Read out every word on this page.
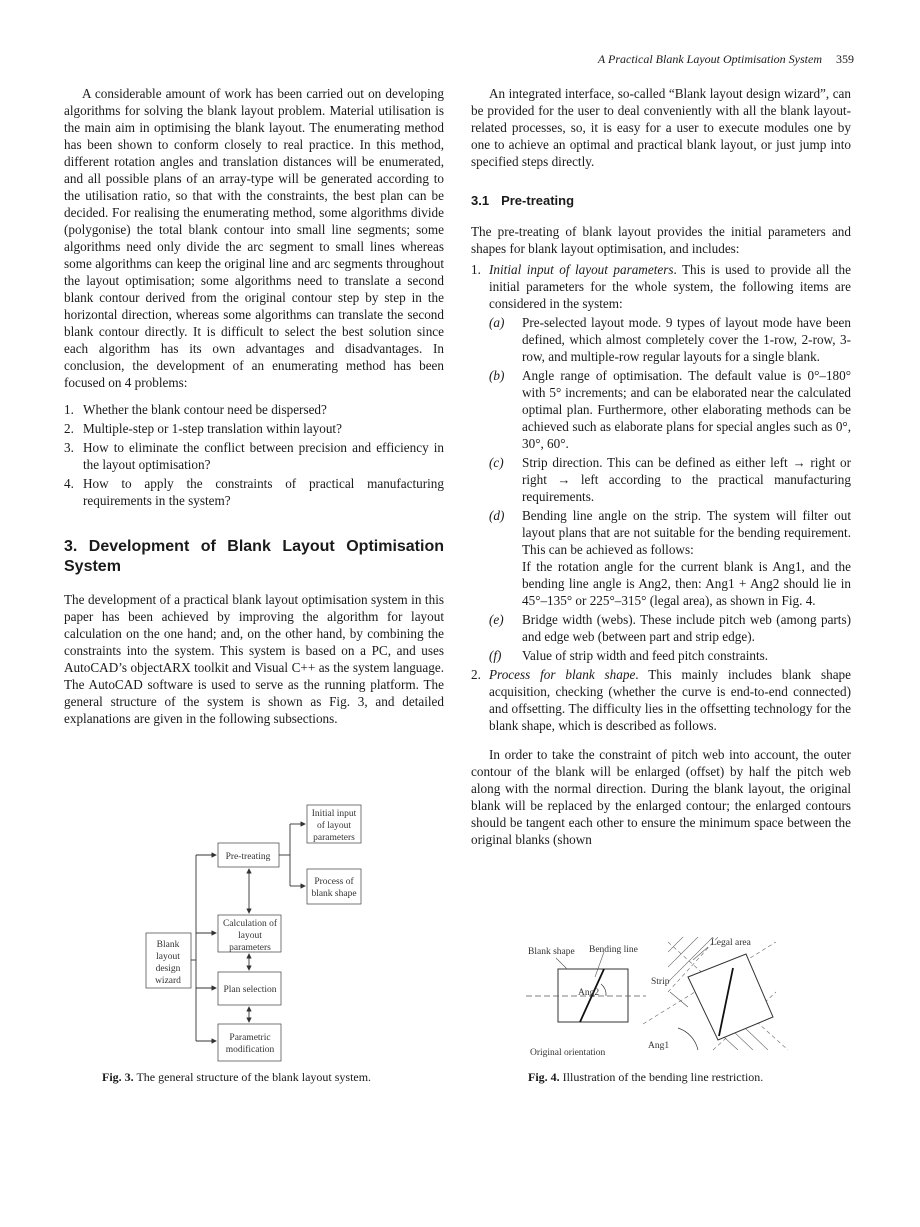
A Practical Blank Layout Optimisation System 359

A considerable amount of work has been carried out on developing algorithms for solving the blank layout problem. Material utilisation is the main aim in optimising the blank layout. The enumerating method has been shown to conform closely to real practice. In this method, different rotation angles and translation distances will be enumerated, and all possible plans of an array-type will be generated according to the utilisation ratio, so that with the constraints, the best plan can be decided. For realising the enumerating method, some algorithms divide (polygonise) the total blank contour into small line segments; some algorithms need only divide the arc segment to small lines whereas some algorithms can keep the original line and arc segments throughout the layout optimisation; some algorithms need to translate a second blank contour derived from the original contour step by step in the horizontal direction, whereas some algorithms can translate the second blank contour directly. It is difficult to select the best solution since each algorithm has its own advantages and disadvantages. In conclusion, the development of an enumerating method has been focused on 4 problems:

1. Whether the blank contour need be dispersed?
2. Multiple-step or 1-step translation within layout?
3. How to eliminate the conflict between precision and efficiency in the layout optimisation?
4. How to apply the constraints of practical manufacturing requirements in the system?
3. Development of Blank Layout Optimisation System

The development of a practical blank layout optimisation system in this paper has been achieved by improving the algorithm for layout calculation on the one hand; and, on the other hand, by combining the constraints into the system. This system is based on a PC, and uses AutoCAD’s objectARX toolkit and Visual C++ as the system language. The AutoCAD software is used to serve as the running platform. The general structure of the system is shown as Fig. 3, and detailed explanations are given in the following subsections.

An integrated interface, so-called “Blank layout design wizard”, can be provided for the user to deal conveniently with all the blank layout-related processes, so, it is easy for a user to execute modules one by one to achieve an optimal and practical blank layout, or just jump into specified steps directly.

3.1 Pre-treating

The pre-treating of blank layout provides the initial parameters and shapes for blank layout optimisation, and includes:

1. Initial input of layout parameters. This is used to provide all the initial parameters for the whole system, the following items are considered in the system:
(a) Pre-selected layout mode. 9 types of layout mode have been defined, which almost completely cover the 1-row, 2-row, 3-row, and multiple-row regular layouts for a single blank.
(b) Angle range of optimisation. The default value is 0°–180° with 5° increments; and can be elaborated near the calculated optimal plan. Furthermore, other elaborating methods can be achieved such as elaborate plans for special angles such as 0°, 30°, 60°.
(c) Strip direction. This can be defined as either left → right or right → left according to the practical manufacturing requirements.
(d) Bending line angle on the strip. The system will filter out layout plans that are not suitable for the bending requirement. This can be achieved as follows:
If the rotation angle for the current blank is Ang1, and the bending line angle is Ang2, then: Ang1 + Ang2 should lie in 45°–135° or 225°–315° (legal area), as shown in Fig. 4.
(e) Bridge width (webs). These include pitch web (among parts) and edge web (between part and strip edge).
(f) Value of strip width and feed pitch constraints.
2. Process for blank shape. This mainly includes blank shape acquisition, checking (whether the curve is end-to-end connected) and offsetting. The difficulty lies in the offsetting technology for the blank shape, which is described as follows.

In order to take the constraint of pitch web into account, the outer contour of the blank will be enlarged (offset) by half the pitch web along with the normal direction. During the blank layout, the original blank will be replaced by the enlarged contour; the enlarged contours should be tangent each other to ensure the minimum space between the original blanks (shown

Blank layout design wizard
Pre-treating
Initial input of layout parameters
Process of blank shape
Calculation of layout parameters
Plan selection
Parametric modification
Fig. 3. The general structure of the blank layout system.
Blank shape Bending line
Ang2
Original orientation
Legal area
Strip
Ang1
Fig. 4. Illustration of the bending line restriction.
